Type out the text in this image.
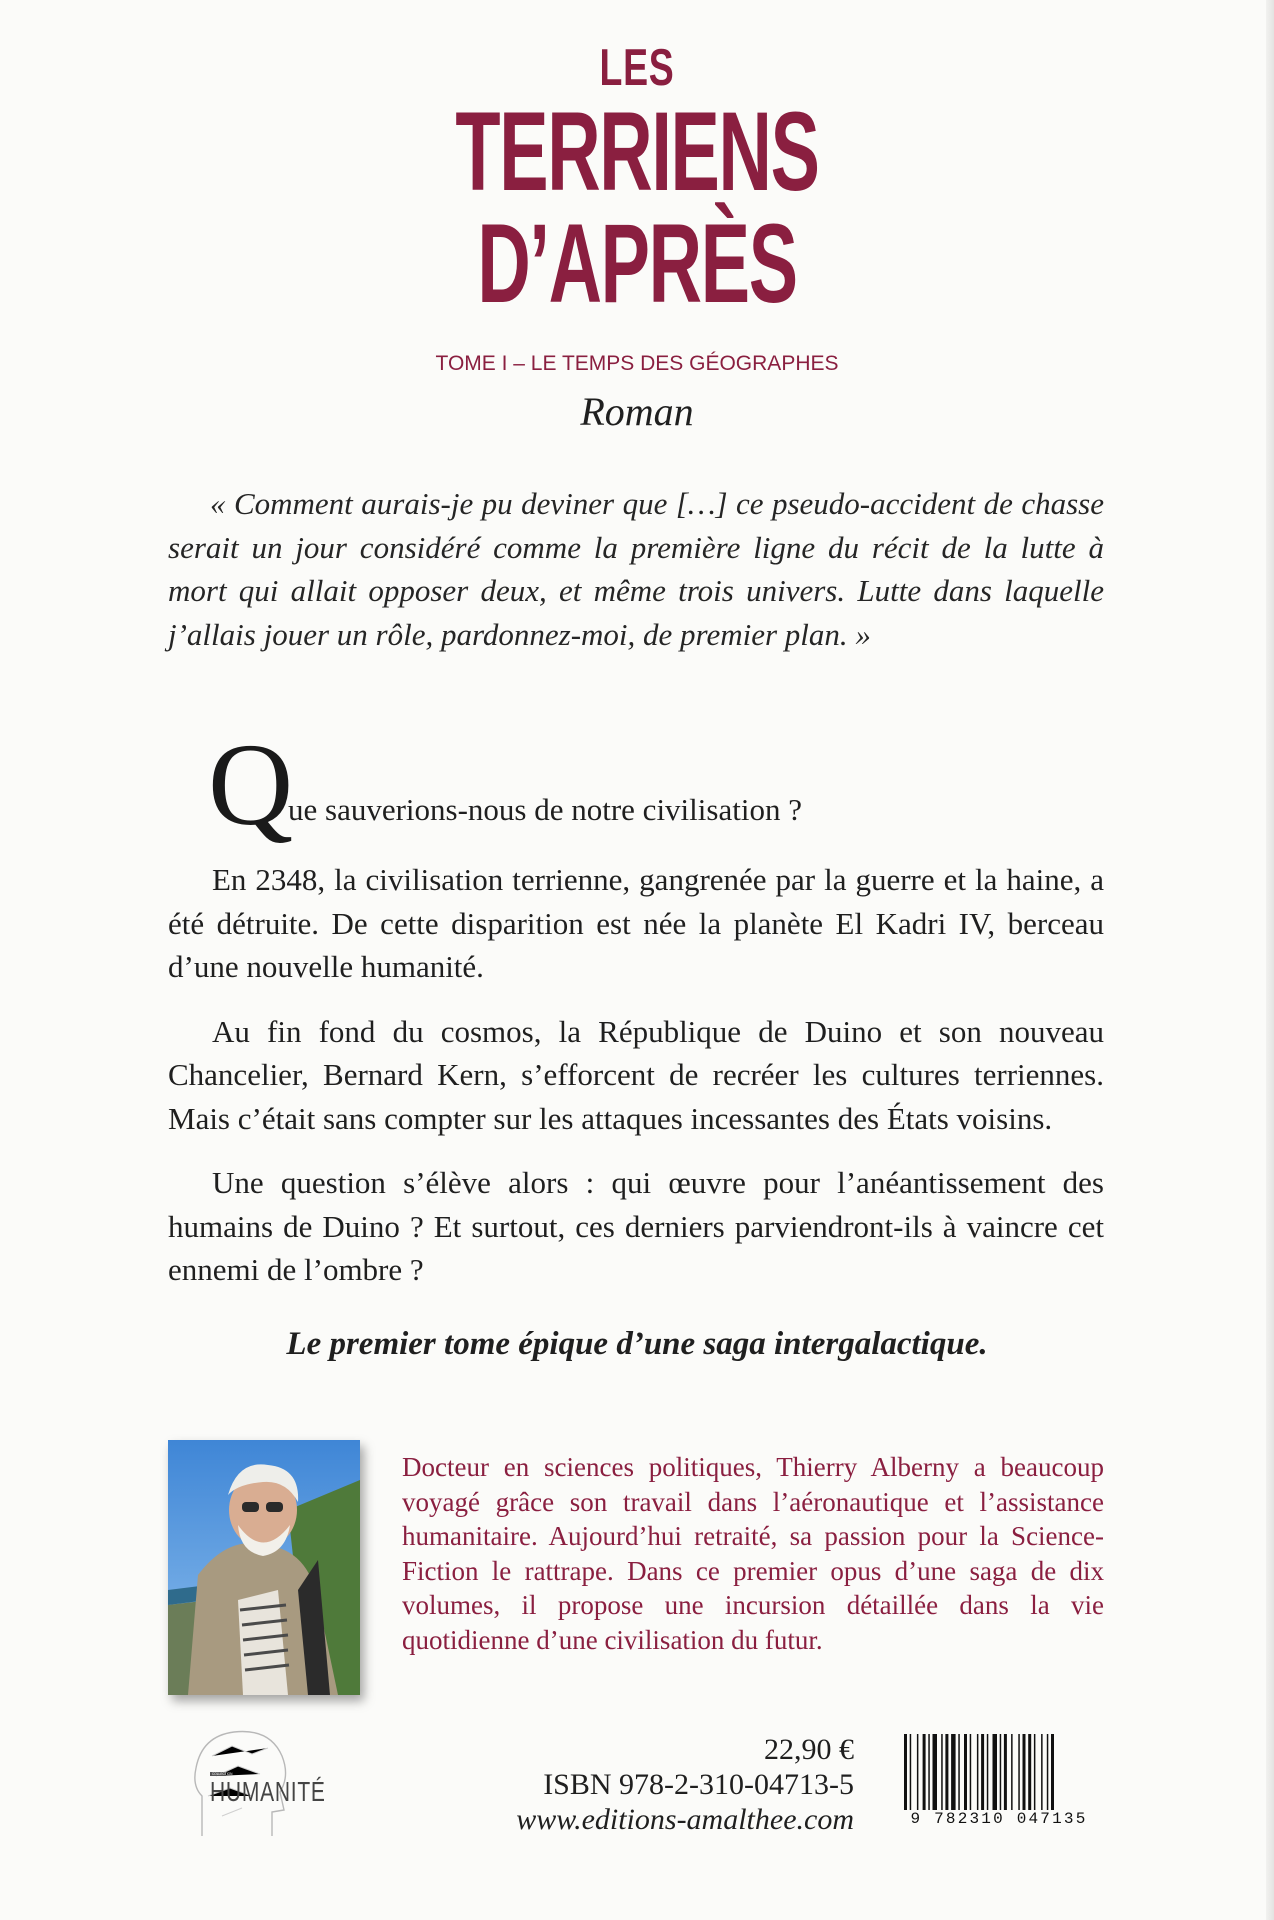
LES
TERRIENS
D’APRÈS
TOME I – LE TEMPS DES GÉOGRAPHES
Roman
« Comment aurais-je pu deviner que […] ce pseudo-accident de chasse serait un jour considéré comme la première ligne du récit de la lutte à mort qui allait opposer deux, et même trois univers. Lutte dans laquelle j’allais jouer un rôle, pardonnez-moi, de premier plan. »
Q
ue sauverions-nous de notre civilisation ?

En 2348, la civilisation terrienne, gangrenée par la guerre et la haine, a été détruite. De cette disparition est née la planète El Kadri IV, berceau d’une nouvelle humanité.

Au fin fond du cosmos, la République de Duino et son nouveau Chancelier, Bernard Kern, s’efforcent de recréer les cultures terriennes. Mais c’était sans compter sur les attaques incessantes des États voisins.

Une question s’élève alors : qui œuvre pour l’anéantissement des humains de Duino ? Et surtout, ces derniers parviendront-ils à vaincre cet ennemi de l’ombre ?

Le premier tome épique d’une saga intergalactique.
Docteur en sciences politiques, Thierry Alberny a beaucoup voyagé grâce son travail dans l’aéronautique et l’assistance humanitaire. Aujourd’hui retraité, sa passion pour la Science-Fiction le rattrape. Dans ce premier opus d’une saga de dix volumes, il propose une incursion détaillée dans la vie quotidienne d’une civilisation du futur.
COLLECTION
HUMANITÉ
22,90 €
ISBN 978-2-310-04713-5
www.editions-amalthee.com	9 782310 047135
